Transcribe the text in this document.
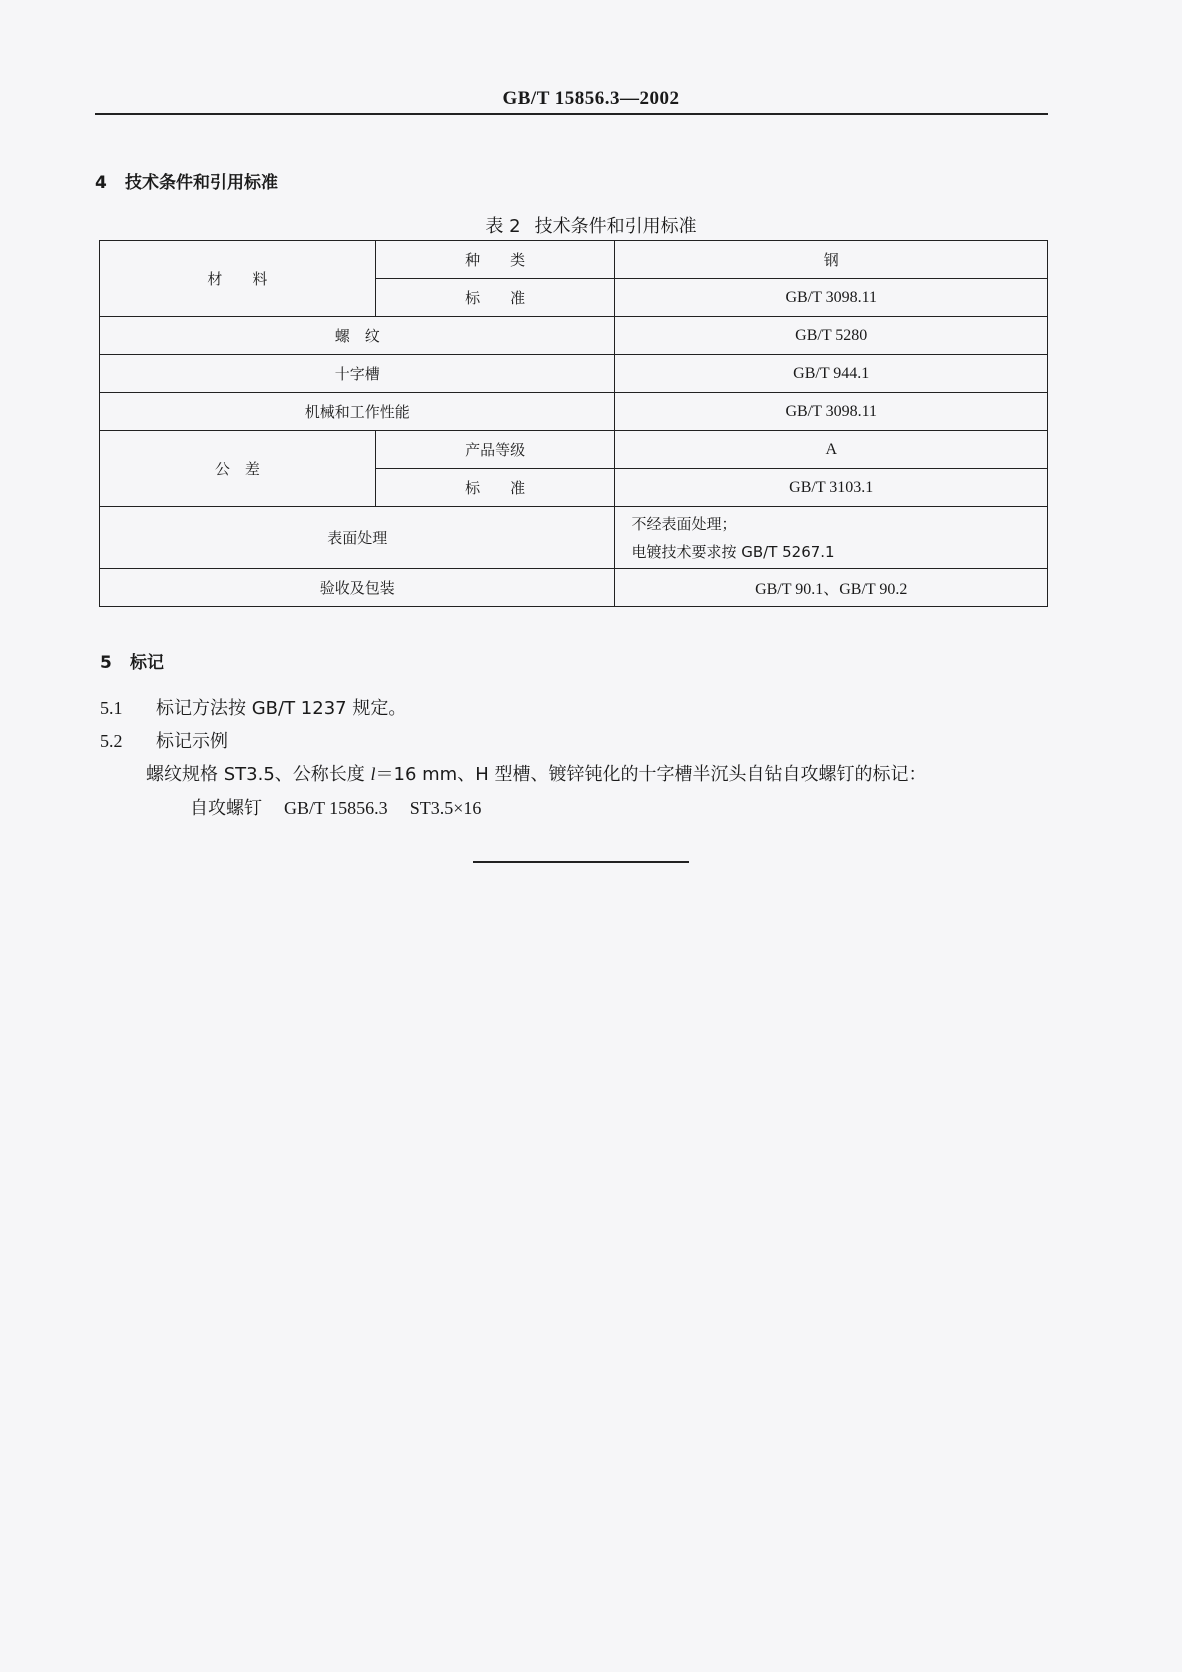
GB/T 15856.3—2002
4 技术条件和引用标准
表 2 技术条件和引用标准
材　　料	种　　类	钢
	标　　准	GB/T 3098.11
螺　纹		GB/T 5280
十字槽		GB/T 944.1
机械和工作性能		GB/T 3098.11
公　差	产品等级	A
	标　　准	GB/T 3103.1
表面处理		不经表面处理；
电镀技术要求按 GB/T 5267.1

验收及包装		GB/T 90.1、GB/T 90.2
5 标记
5.1 标记方法按 GB/T 1237 规定。
5.2 标记示例
螺纹规格 ST3.5、公称长度 l＝16 mm、H 型槽、镀锌钝化的十字槽半沉头自钻自攻螺钉的标记：
自攻螺钉 GB/T 15856.3 ST3.5×16
